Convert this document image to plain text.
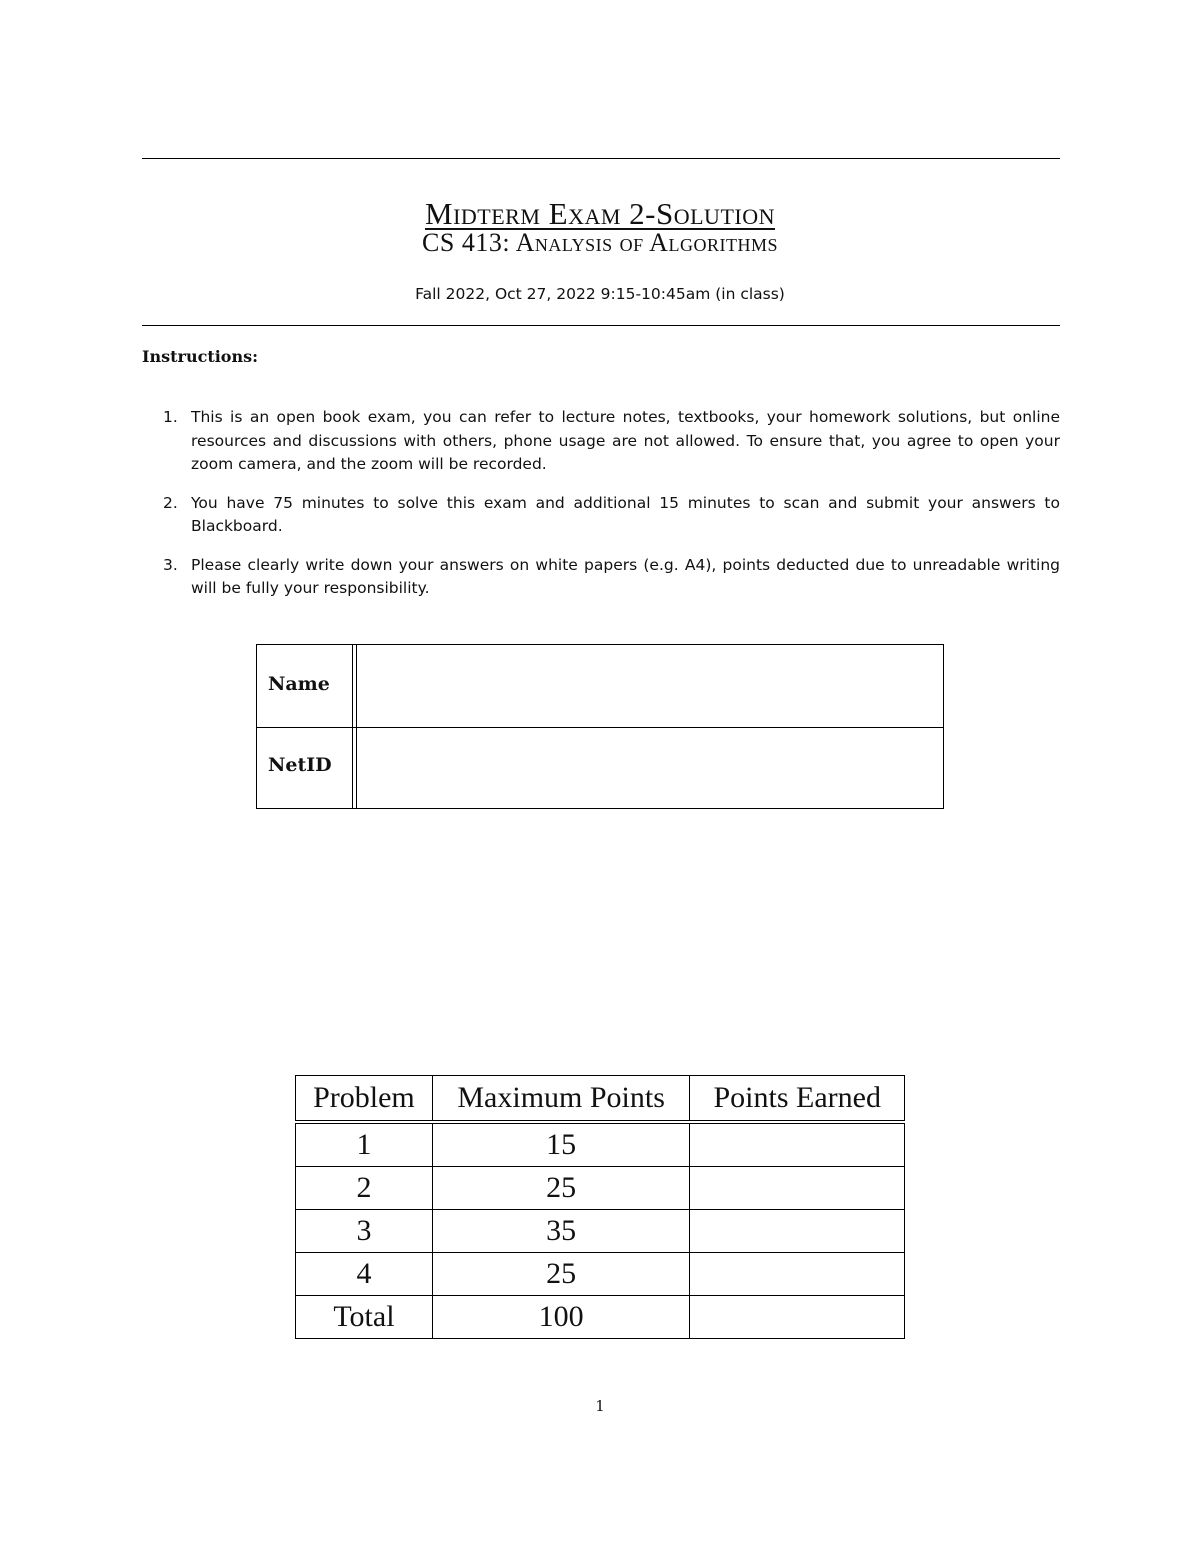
Midterm Exam 2-Solution
CS 413: Analysis of Algorithms
Fall 2022, Oct 27, 2022 9:15-10:45am (in class)
Instructions:
1. This is an open book exam, you can refer to lecture notes, textbooks, your homework solutions, but online resources and discussions with others, phone usage are not allowed. To ensure that, you agree to open your zoom camera, and the zoom will be recorded.
2. You have 75 minutes to solve this exam and additional 15 minutes to scan and submit your answers to Blackboard.
3. Please clearly write down your answers on white papers (e.g. A4), points deducted due to unreadable writing will be fully your responsibility.
Name
NetID
Problem	Maximum Points	Points Earned
1	15	
2	25	
3	35	
4	25	
Total	100	
1
